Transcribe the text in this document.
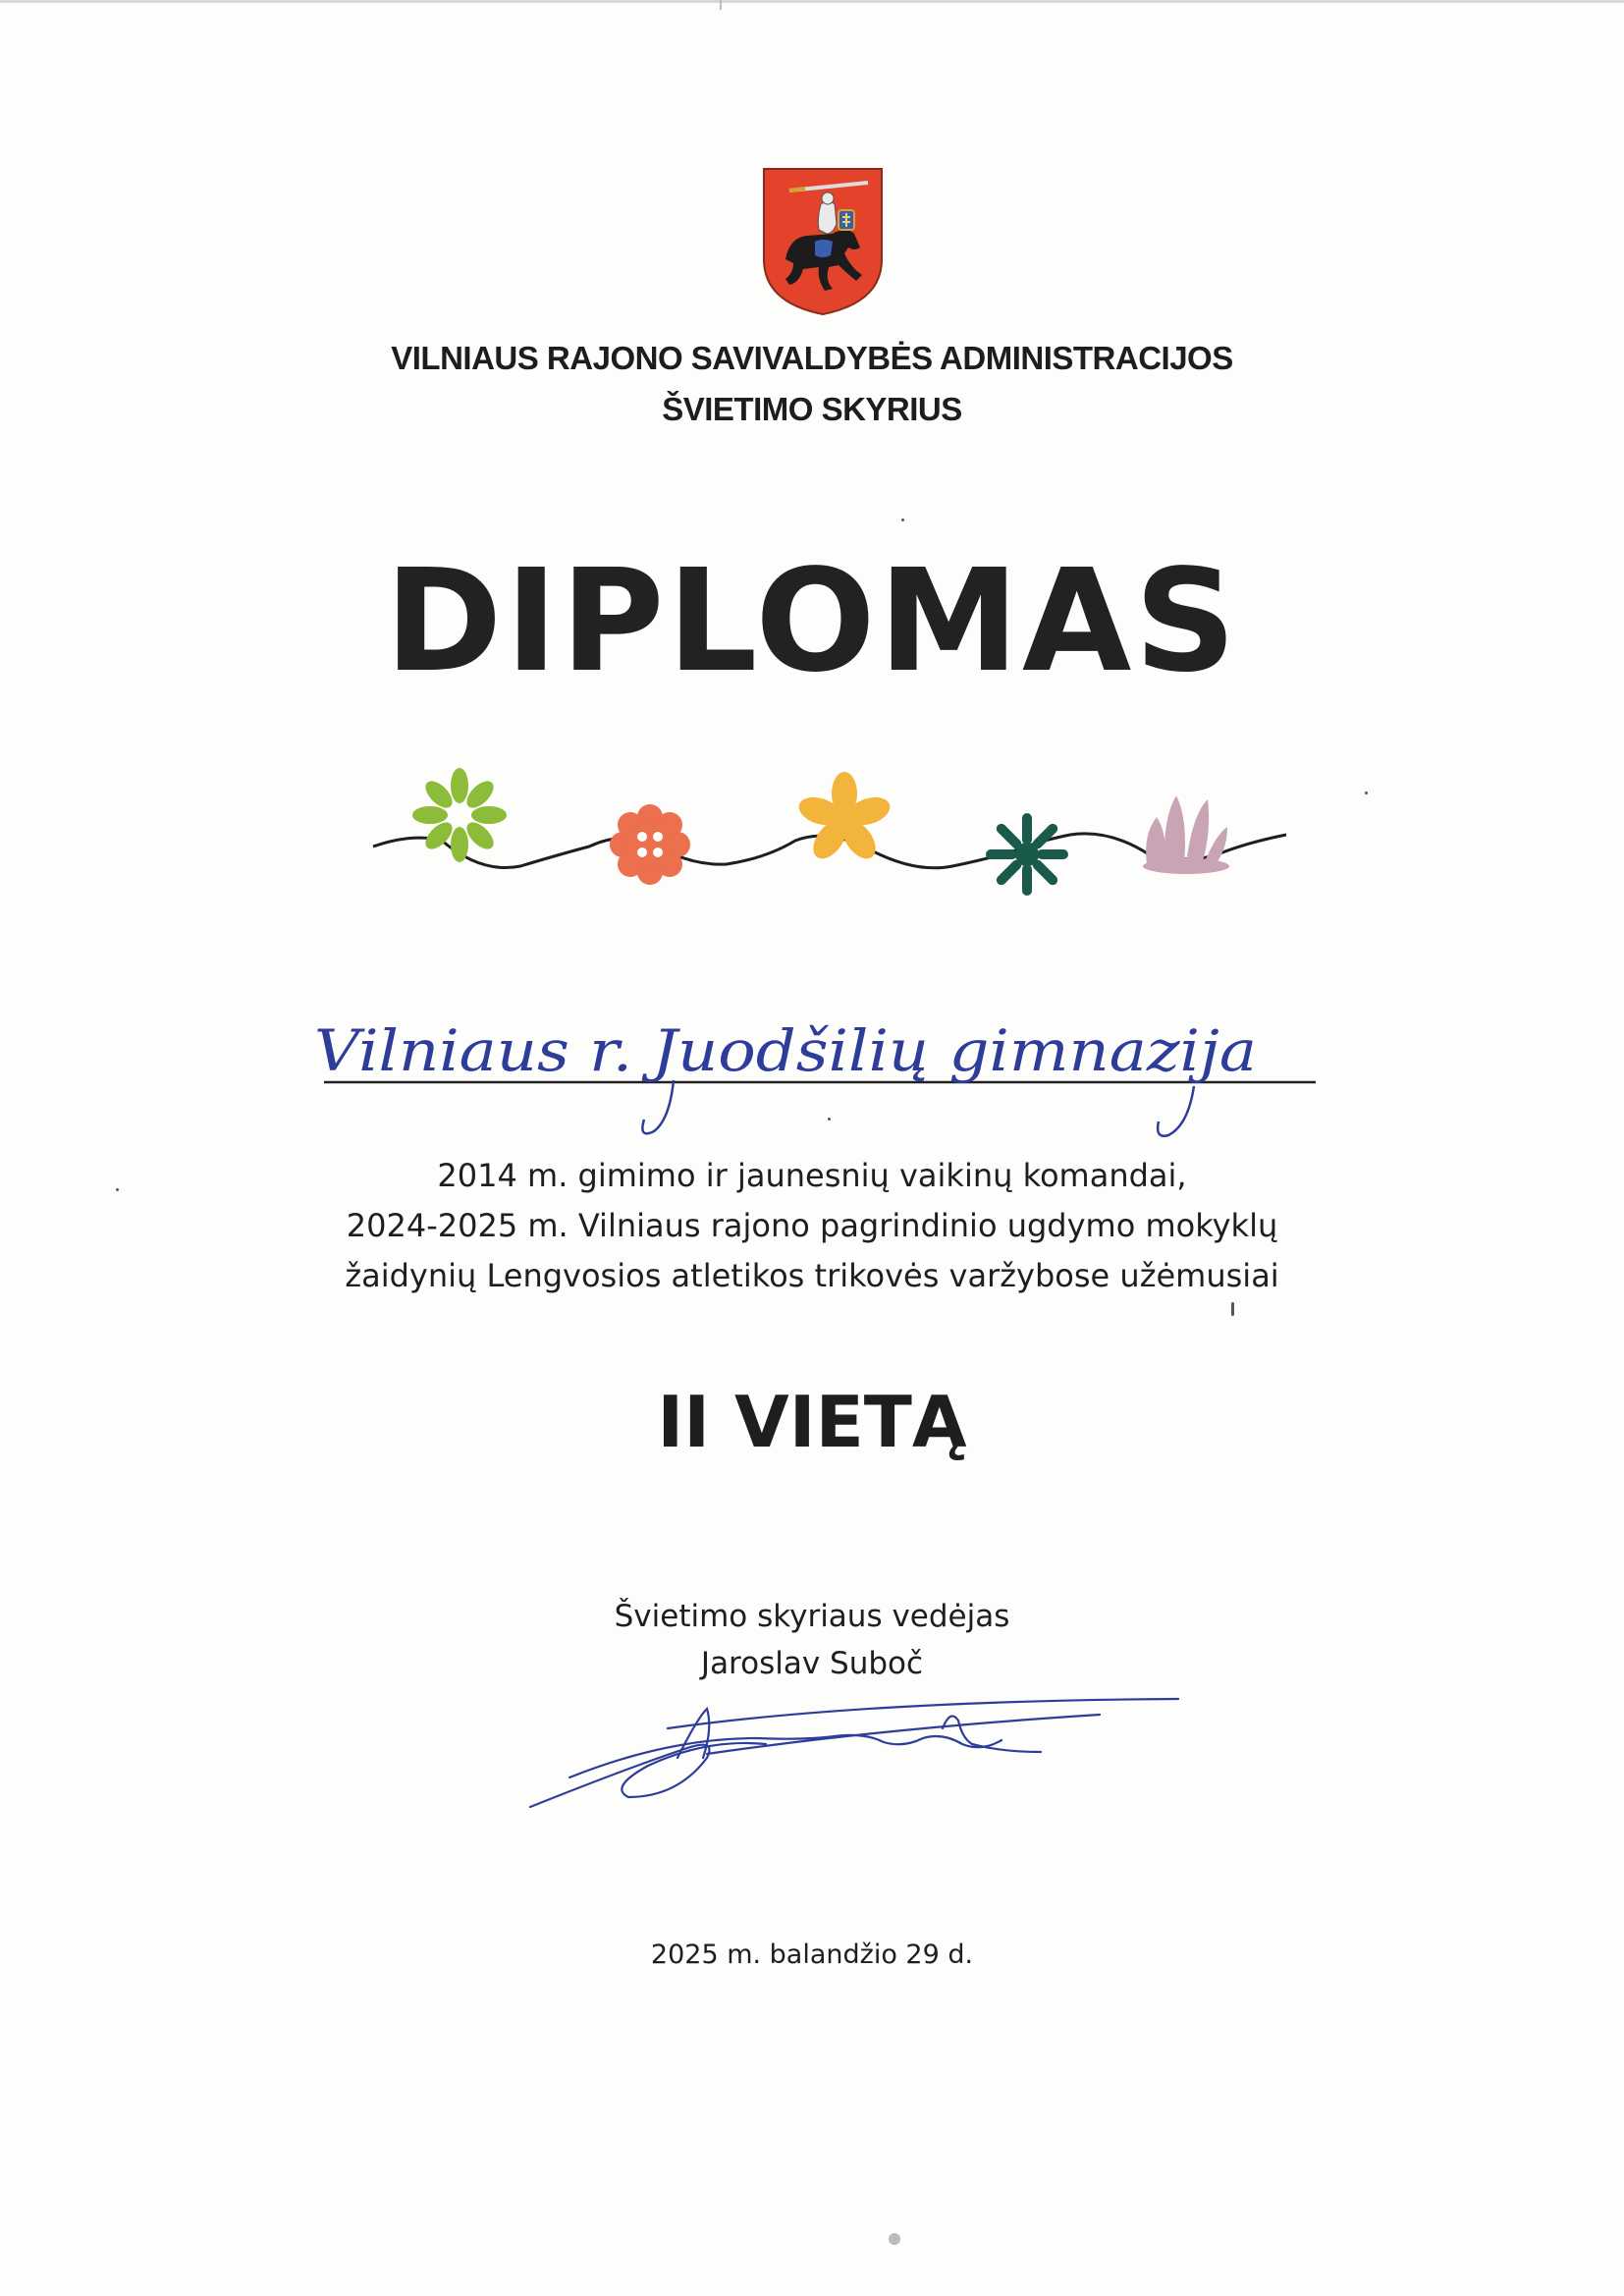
VILNIAUS RAJONO SAVIVALDYBĖS ADMINISTRACIJOS
ŠVIETIMO SKYRIUS
DIPLOMAS
Vilniaus r. Juodšilių gimnazija
2014 m. gimimo ir jaunesnių vaikinų komandai,
2024-2025 m. Vilniaus rajono pagrindinio ugdymo mokyklų
žaidynių Lengvosios atletikos trikovės varžybose užėmusiai
II VIETĄ
Švietimo skyriaus vedėjas
Jaroslav Subоč
2025 m. balandžio 29 d.
